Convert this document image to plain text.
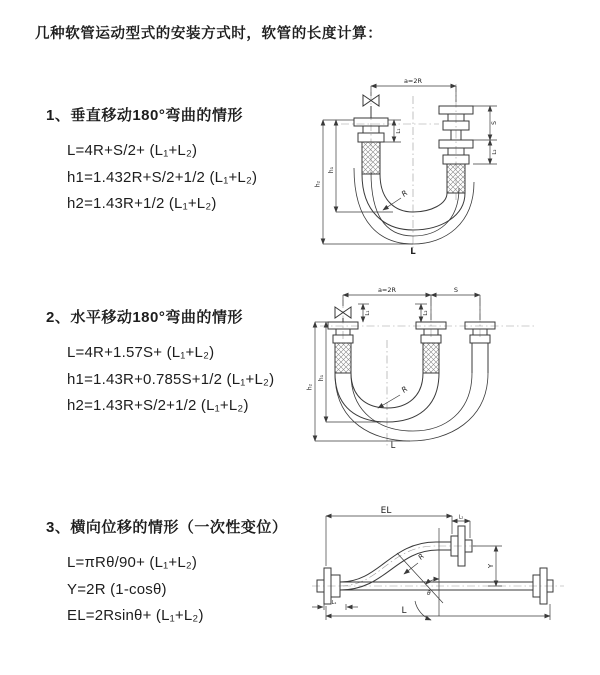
几种软管运动型式的安装方式时，软管的长度计算：
1、垂直移动180°弯曲的情形
L=4R+S/2+ (L₁+L₂)
h1=1.432R+S/2+1/2 (L₁+L₂)
h2=1.43R+1/2 (L₁+L₂)
2、水平移动180°弯曲的情形
L=4R+1.57S+ (L₁+L₂)
h1=1.43R+0.785S+1/2 (L₁+L₂)
h2=1.43R+S/2+1/2 (L₁+L₂)
3、横向位移的情形（一次性变位）
L=πRθ/90+ (L₁+L₂)
Y=2R (1-cosθ)
EL=2Rsinθ+ (L₁+L₂)
a=2R
h₁
h₂
L₁
S
L₂
R
L
a=2R	S
h₁
h₂
L₁	L₂
R
L
EL
L₂
Y
L
L₁
R
θ
